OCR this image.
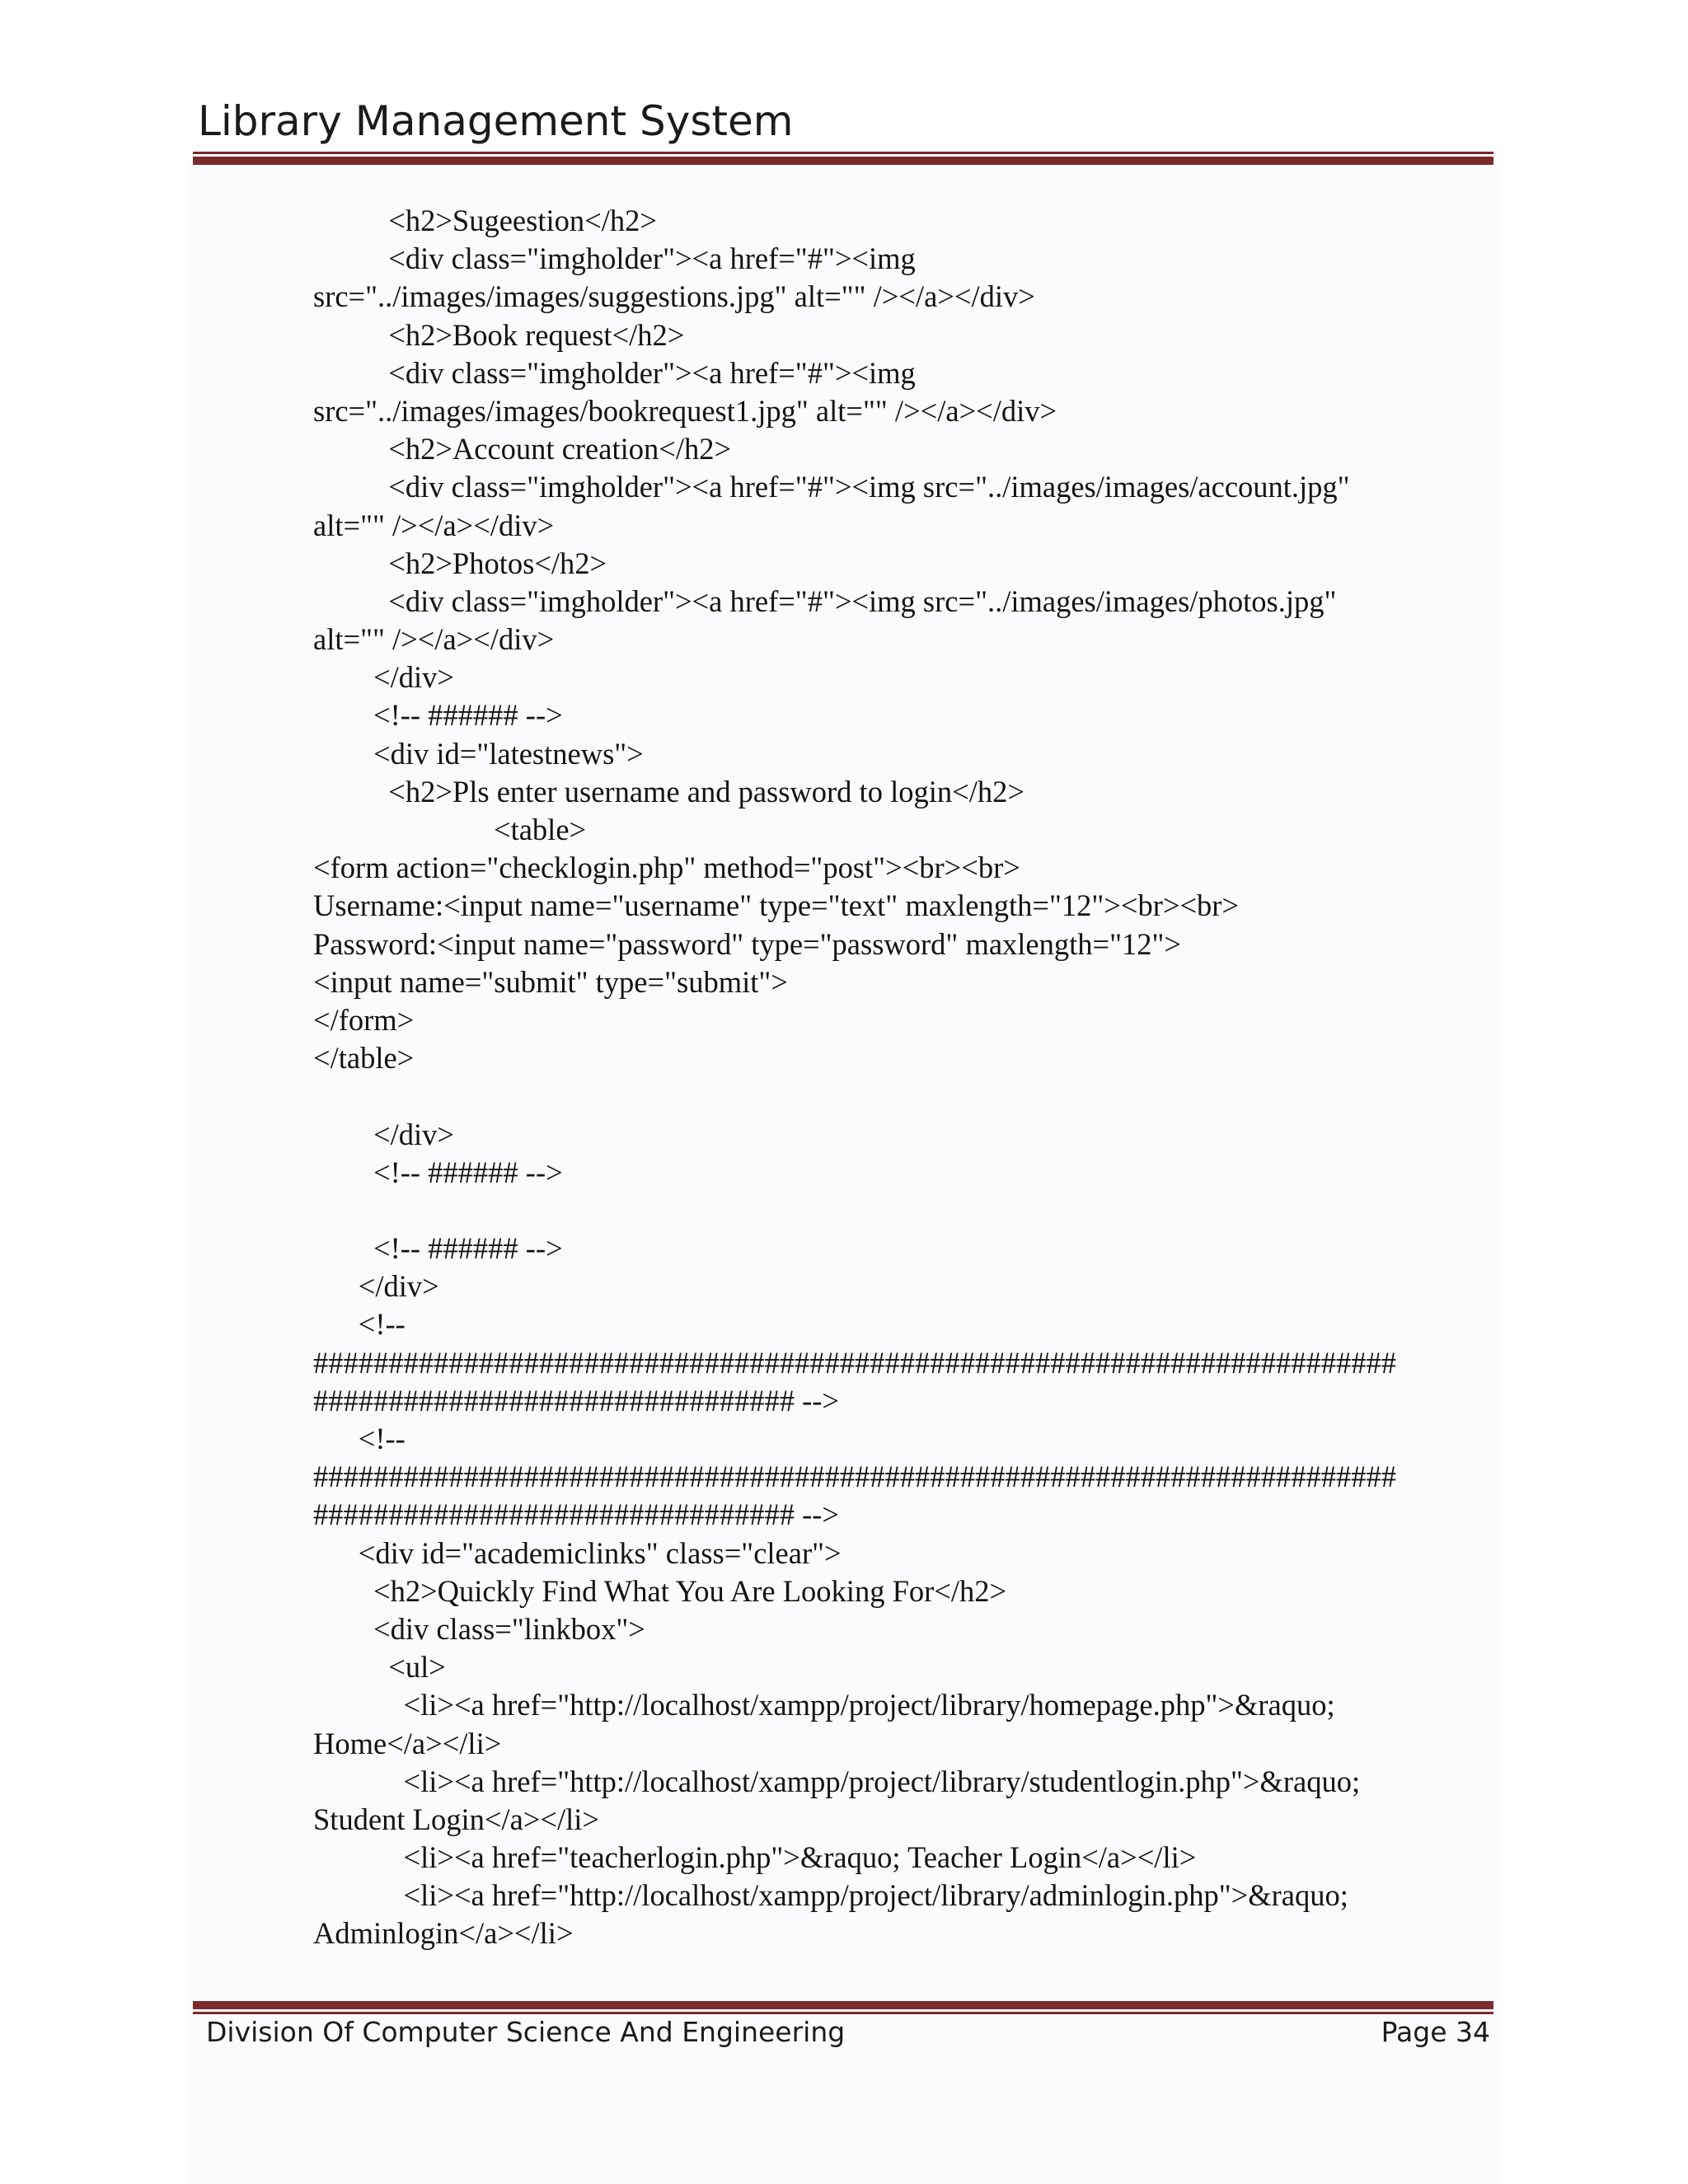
Library Management System
<h2>Sugeestion</h2>
<div class="imgholder"><a href="#"><img
src="../images/images/suggestions.jpg" alt="" /></a></div>
<h2>Book request</h2>
<div class="imgholder"><a href="#"><img
src="../images/images/bookrequest1.jpg" alt="" /></a></div>
<h2>Account creation</h2>
<div class="imgholder"><a href="#"><img src="../images/images/account.jpg"
alt="" /></a></div>
<h2>Photos</h2>
<div class="imgholder"><a href="#"><img src="../images/images/photos.jpg"
alt="" /></a></div>
</div>
<!-- ###### -->
<div id="latestnews">
<h2>Pls enter username and password to login</h2>
<table>
<form action="checklogin.php" method="post"><br><br>
Username:<input name="username" type="text" maxlength="12"><br><br>
Password:<input name="password" type="password" maxlength="12">
<input name="submit" type="submit">
</form>
</table>
</div>
<!-- ###### -->
<!-- ###### -->
</div>
<!--
########################################################################
################################ -->
<!--
########################################################################
################################ -->
<div id="academiclinks" class="clear">
<h2>Quickly Find What You Are Looking For</h2>
<div class="linkbox">
<ul>
<li><a href="http://localhost/xampp/project/library/homepage.php">&raquo;
Home</a></li>
<li><a href="http://localhost/xampp/project/library/studentlogin.php">&raquo;
Student Login</a></li>
<li><a href="teacherlogin.php">&raquo; Teacher Login</a></li>
<li><a href="http://localhost/xampp/project/library/adminlogin.php">&raquo;
Adminlogin</a></li>
Division Of Computer Science And Engineering	Page 34
